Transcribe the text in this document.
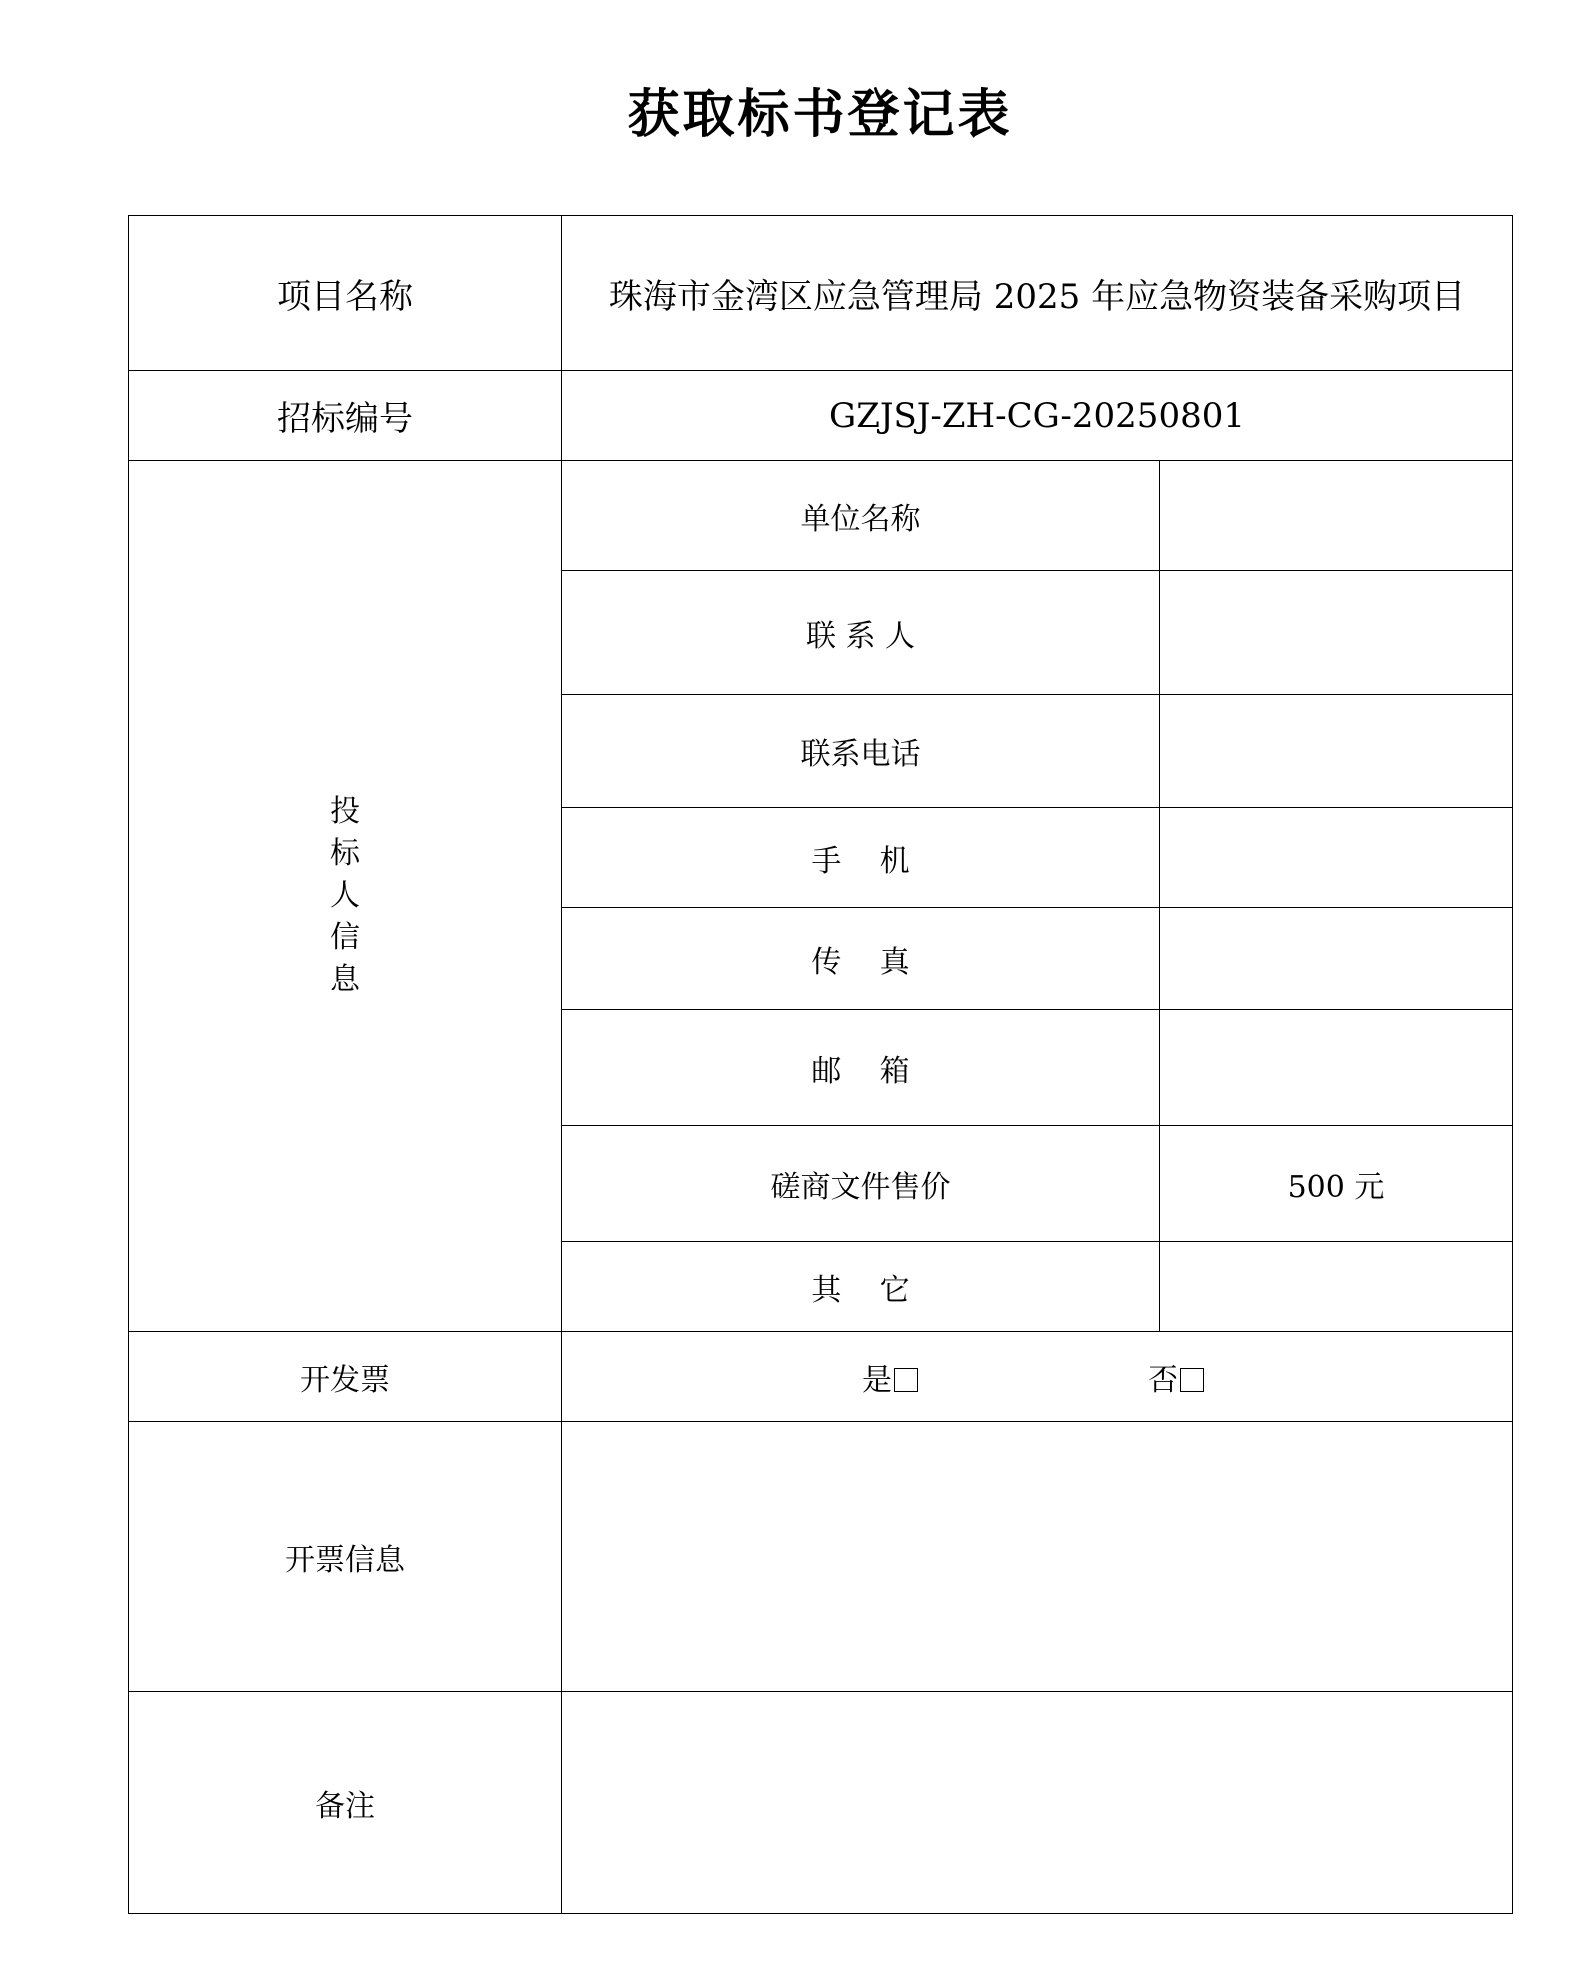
获取标书登记表
项目名称	珠海市金湾区应急管理局 2025 年应急物资装备采购项目	
招标编号	GZJSJ-ZH-CG-20250801	
投标人信息	单位名称	
	联 系 人	
	联系电话	
	手    机	
	传    真	
	邮    箱	
	磋商文件售价	500 元
	其    它	
开发票	是 否	

开票信息		
备注		
